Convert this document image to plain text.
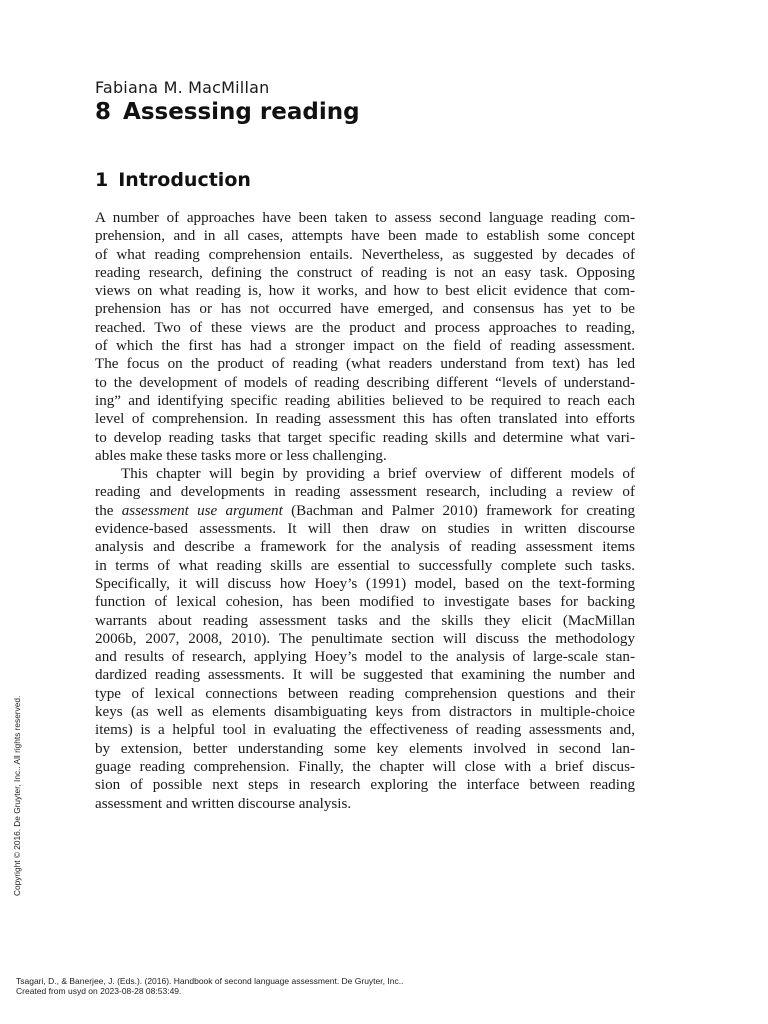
Fabiana M. MacMillan
8 Assessing reading
1 Introduction
A number of approaches have been taken to assess second language reading com-
prehension, and in all cases, attempts have been made to establish some concept
of what reading comprehension entails. Nevertheless, as suggested by decades of
reading research, defining the construct of reading is not an easy task. Opposing
views on what reading is, how it works, and how to best elicit evidence that com-
prehension has or has not occurred have emerged, and consensus has yet to be
reached. Two of these views are the product and process approaches to reading,
of which the first has had a stronger impact on the field of reading assessment.
The focus on the product of reading (what readers understand from text) has led
to the development of models of reading describing different “levels of understand-
ing” and identifying specific reading abilities believed to be required to reach each
level of comprehension. In reading assessment this has often translated into efforts
to develop reading tasks that target specific reading skills and determine what vari-
ables make these tasks more or less challenging.
This chapter will begin by providing a brief overview of different models of
reading and developments in reading assessment research, including a review of
the assessment use argument (Bachman and Palmer 2010) framework for creating
evidence-based assessments. It will then draw on studies in written discourse
analysis and describe a framework for the analysis of reading assessment items
in terms of what reading skills are essential to successfully complete such tasks.
Specifically, it will discuss how Hoey’s (1991) model, based on the text-forming
function of lexical cohesion, has been modified to investigate bases for backing
warrants about reading assessment tasks and the skills they elicit (MacMillan
2006b, 2007, 2008, 2010). The penultimate section will discuss the methodology
and results of research, applying Hoey’s model to the analysis of large-scale stan-
dardized reading assessments. It will be suggested that examining the number and
type of lexical connections between reading comprehension questions and their
keys (as well as elements disambiguating keys from distractors in multiple-choice
items) is a helpful tool in evaluating the effectiveness of reading assessments and,
by extension, better understanding some key elements involved in second lan-
guage reading comprehension. Finally, the chapter will close with a brief discus-
sion of possible next steps in research exploring the interface between reading
assessment and written discourse analysis.
Copyright © 2016. De Gruyter, Inc.. All rights reserved.
Tsagari, D., & Banerjee, J. (Eds.). (2016). Handbook of second language assessment. De Gruyter, Inc..
Created from usyd on 2023-08-28 08:53:49.
